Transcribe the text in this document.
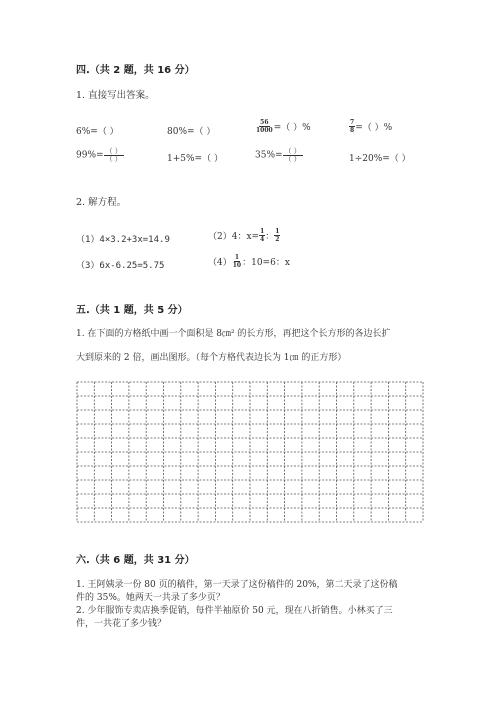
四.（共 2 题，共 16 分）
1. 直接写出答案。
6%=（ ）	80%=（ ）	$\frac{56}{1000}$ =（ ）%	$\frac{7}{8}$ =（ ）%
$99\%= \frac{( )}{( )}$	1+5%=（ ）	$35\%= \frac{( )}{( )}$	1÷20%=（ ）
2. 解方程。
（1）4×3.2+3x=14.9	（2）4：$x= \frac{1}{4}$ ： $\frac{1}{2}$
（3）6x-6.25=5.75	$(4) \frac{1}{10}$ ：10=6：x
五.（共 1 题，共 5 分）
1. 在下面的方格纸中画一个面积是 8㎝² 的长方形，再把这个长方形的各边长扩
大到原来的 2 倍，画出图形。（每个方格代表边长为 1㎝ 的正方形）
六.（共 6 题，共 31 分）
1. 王阿姨录一份 80 页的稿件，第一天录了这份稿件的 20%，第二天录了这份稿
件的 35%。她两天一共录了多少页？
2. 少年服饰专卖店换季促销，每件半袖原价 50 元，现在八折销售。小林买了三
件，一共花了多少钱？
